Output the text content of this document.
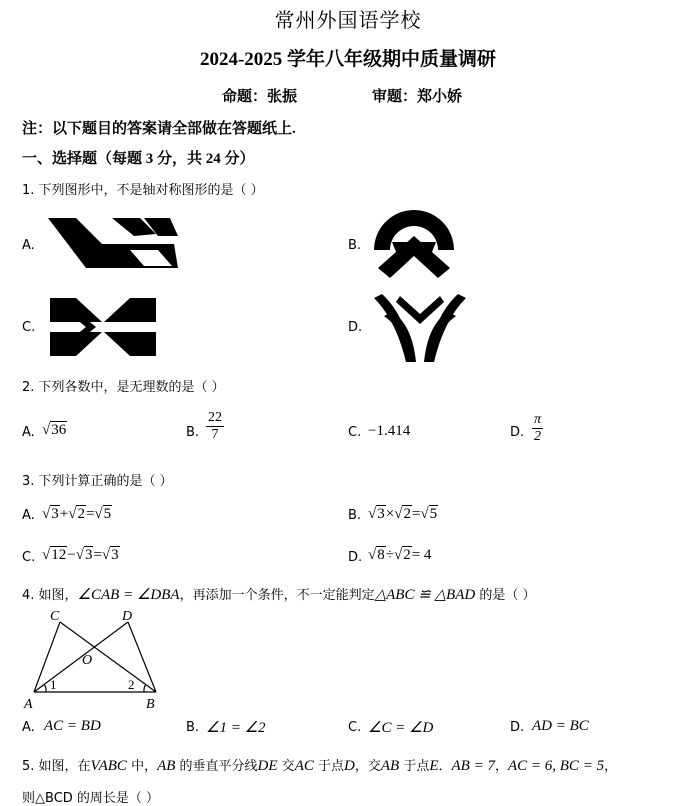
常州外国语学校
2024-2025 学年八年级期中质量调研
命题：张振	审题：郑小娇
注：以下题目的答案请全部做在答题纸上.
一、选择题（每题 3 分，共 24 分）
1. 下列图形中，不是轴对称图形的是（ ）
A.	B.
C.	D.
2. 下列各数中，是无理数的是（ ）
A. √36	B. $\frac{22}{7}$	C. −1.414	D. $\frac{\pi}{2}$
3. 下列计算正确的是（ ）
A. √3+√2=√5	B. √3×√2=√5
C. √12−√3=√3	D. √8÷√2= 4
4. 如图，∠CAB = ∠DBA，再添加一个条件，不一定能判定△ABC ≌ △BAD 的是（ ）
C	D
O
A	B
1	2
A. AC = BD	B. ∠1 = ∠2	C. ∠C = ∠D	D. AD = BC
5. 如图，在VABC 中，AB 的垂直平分线DE 交AC 于点D，交AB 于点E．AB = 7，AC = 6, BC = 5，
则△BCD 的周长是（ ）
